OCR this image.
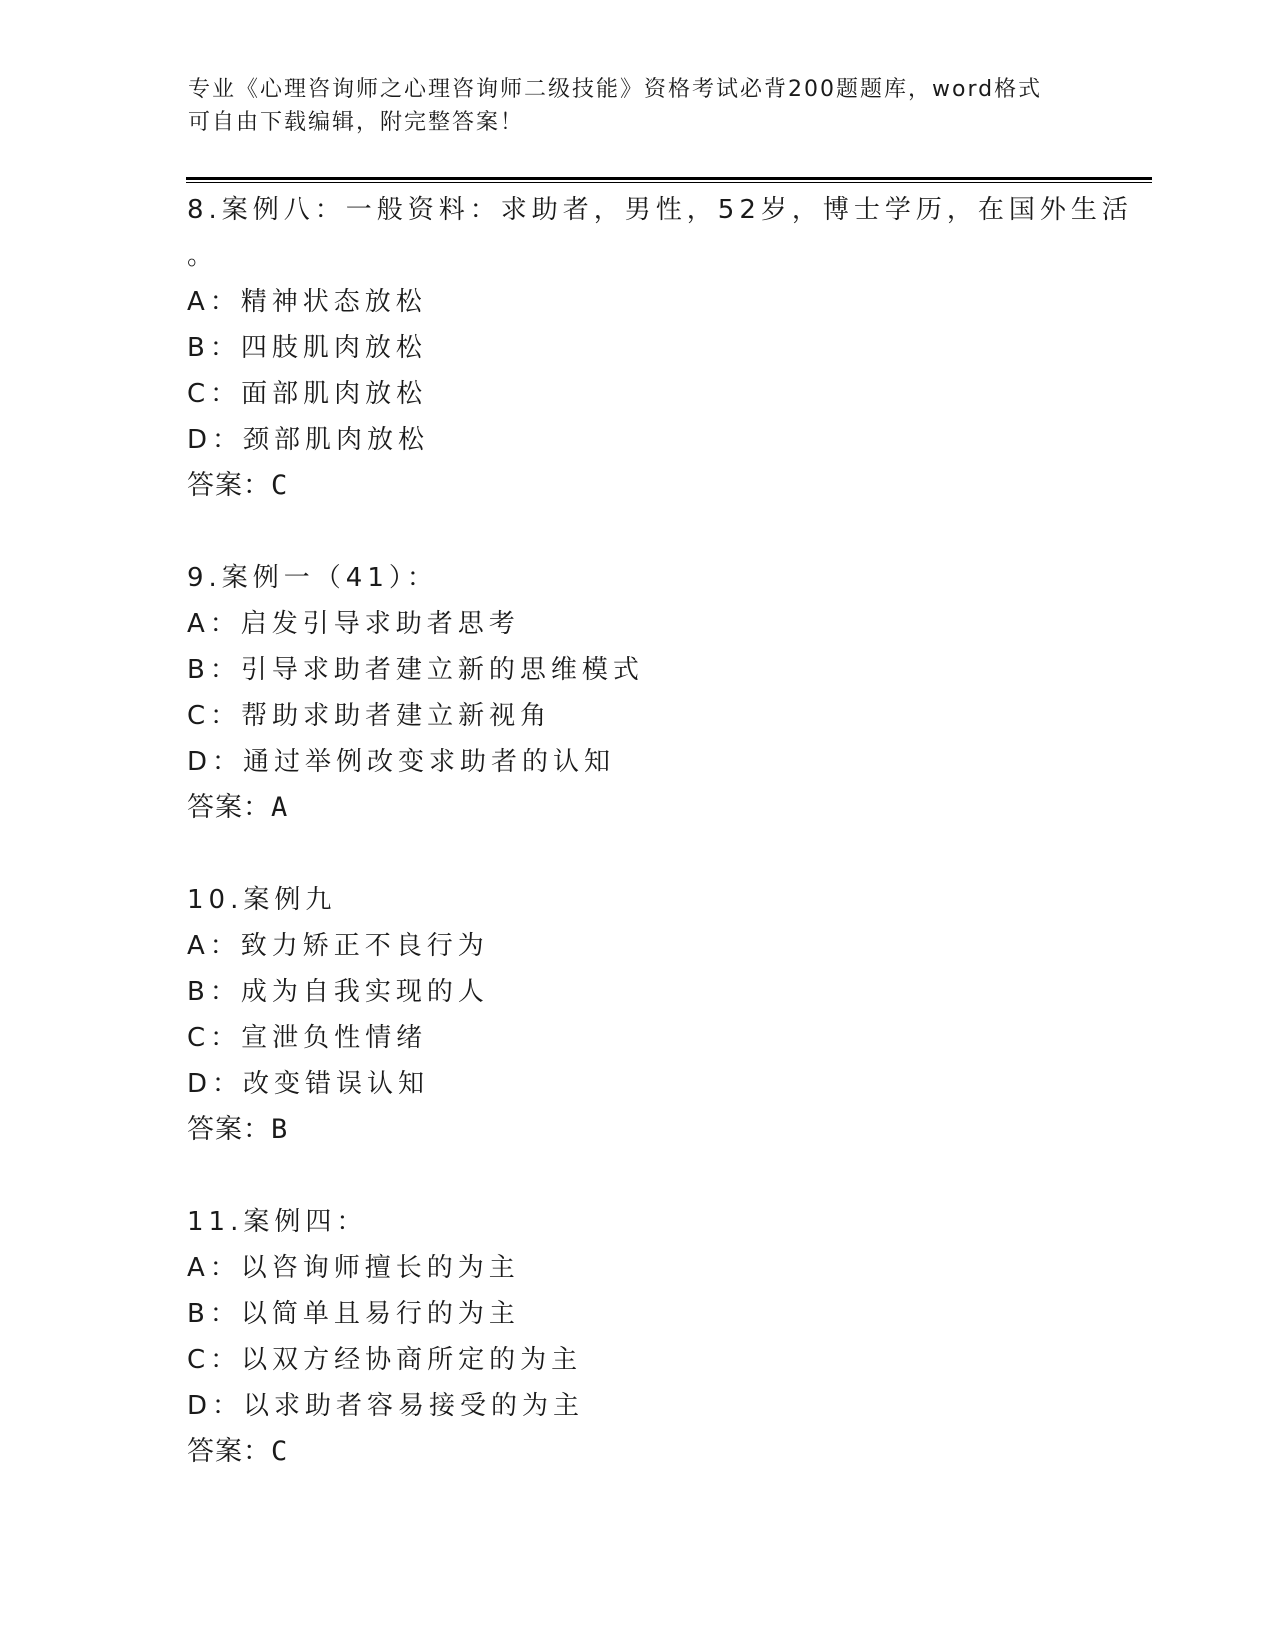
专业《心理咨询师之心理咨询师二级技能》资格考试必背200题题库，word格式
可自由下载编辑，附完整答案！
8.案例八：一般资料：求助者，男性，52岁，博士学历，在国外生活
。
A：精神状态放松
B：四肢肌肉放松
C：面部肌肉放松
D：颈部肌肉放松
答案：C
9.案例一（41）：
A：启发引导求助者思考
B：引导求助者建立新的思维模式
C：帮助求助者建立新视角
D：通过举例改变求助者的认知
答案：A
10.案例九
A：致力矫正不良行为
B：成为自我实现的人
C：宣泄负性情绪
D：改变错误认知
答案：B
11.案例四：
A：以咨询师擅长的为主
B：以简单且易行的为主
C：以双方经协商所定的为主
D：以求助者容易接受的为主
答案：C
